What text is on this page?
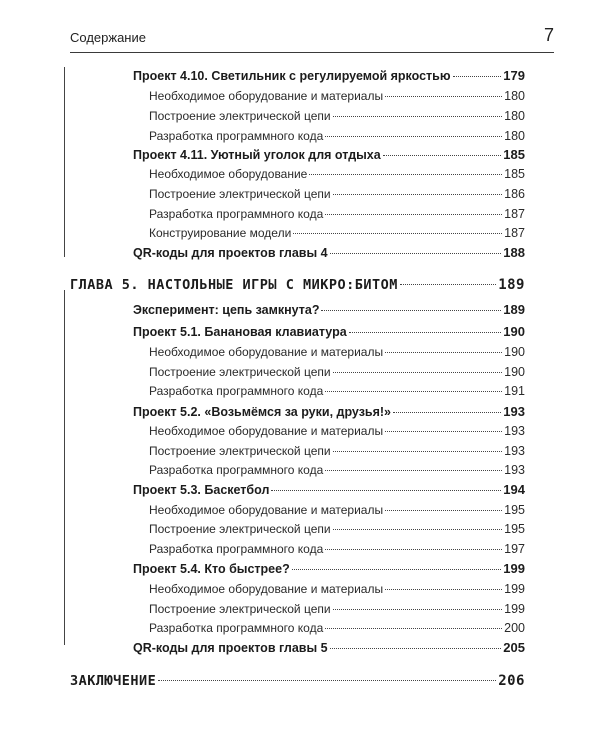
Содержание	7
Проект 4.10. Светильник с регулируемой яркостью	179
Необходимое оборудование и материалы	180
Построение электрической цепи	180
Разработка программного кода	180
Проект 4.11. Уютный уголок для отдыха	185
Необходимое оборудование	185
Построение электрической цепи	186
Разработка программного кода	187
Конструирование модели	187
QR-коды для проектов главы 4	188
ГЛАВА 5. НАСТОЛЬНЫЕ ИГРЫ С МИКРО:БИТОМ	189
Эксперимент: цепь замкнута?	189
Проект 5.1. Банановая клавиатура	190
Необходимое оборудование и материалы	190
Построение электрической цепи	190
Разработка программного кода	191
Проект 5.2. «Возьмёмся за руки, друзья!»	193
Необходимое оборудование и материалы	193
Построение электрической цепи	193
Разработка программного кода	193
Проект 5.3. Баскетбол	194
Необходимое оборудование и материалы	195
Построение электрической цепи	195
Разработка программного кода	197
Проект 5.4. Кто быстрее?	199
Необходимое оборудование и материалы	199
Построение электрической цепи	199
Разработка программного кода	200
QR-коды для проектов главы 5	205
ЗАКЛЮЧЕНИЕ	206
